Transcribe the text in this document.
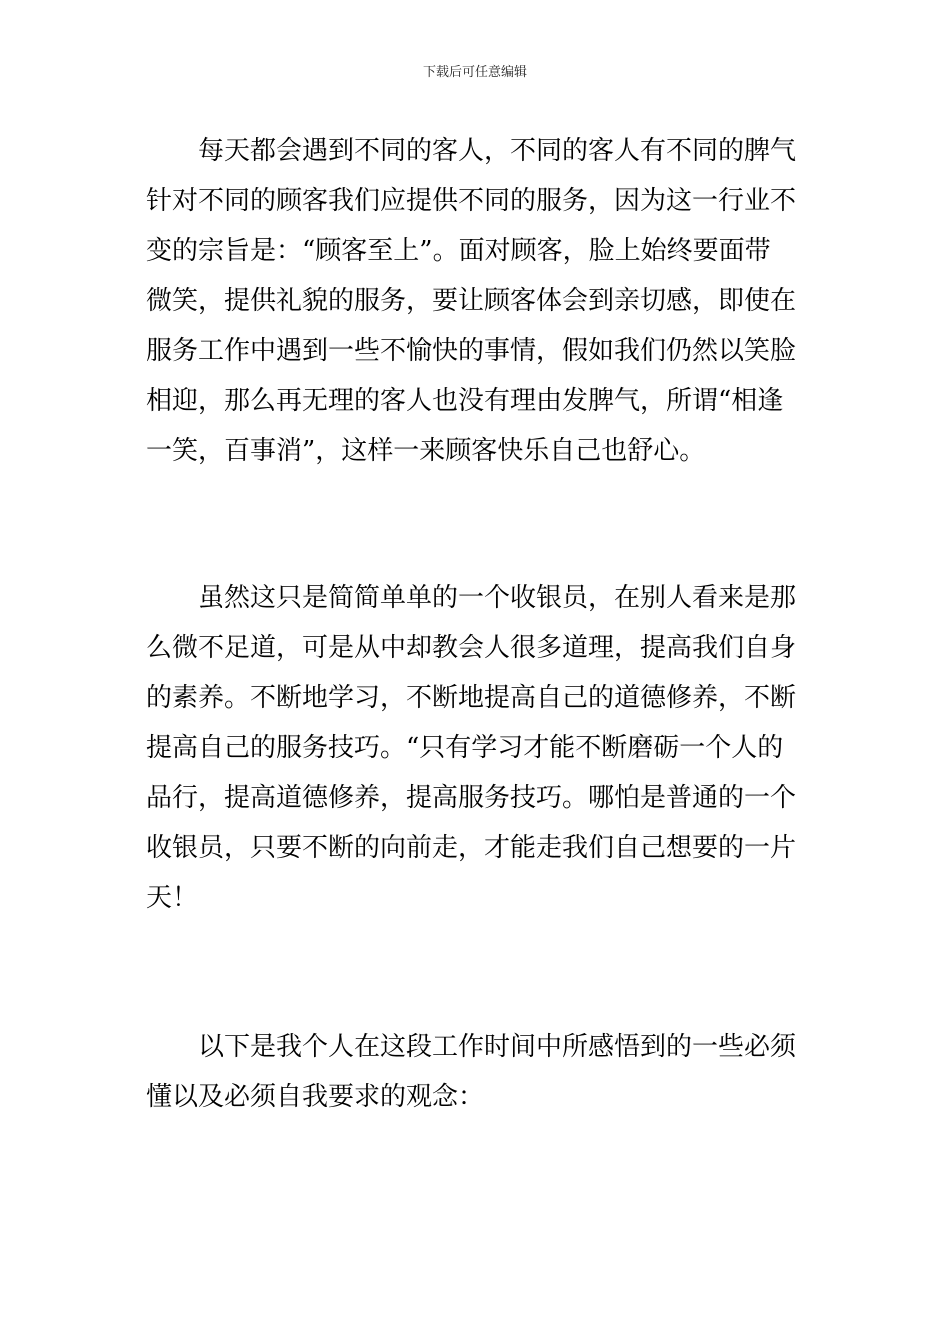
下载后可任意编辑
每天都会遇到不同的客人，不同的客人有不同的脾气
针对不同的顾客我们应提供不同的服务，因为这一行业不
变的宗旨是：“顾客至上”。面对顾客，脸上始终要面带
微笑，提供礼貌的服务，要让顾客体会到亲切感，即使在
服务工作中遇到一些不愉快的事情，假如我们仍然以笑脸
相迎，那么再无理的客人也没有理由发脾气，所谓“相逢
一笑，百事消”，这样一来顾客快乐自己也舒心。
虽然这只是简简单单的一个收银员，在别人看来是那
么微不足道，可是从中却教会人很多道理，提高我们自身
的素养。不断地学习，不断地提高自己的道德修养，不断
提高自己的服务技巧。“只有学习才能不断磨砺一个人的
品行，提高道德修养，提高服务技巧。哪怕是普通的一个
收银员，只要不断的向前走，才能走我们自己想要的一片
天！
以下是我个人在这段工作时间中所感悟到的一些必须
懂以及必须自我要求的观念：
